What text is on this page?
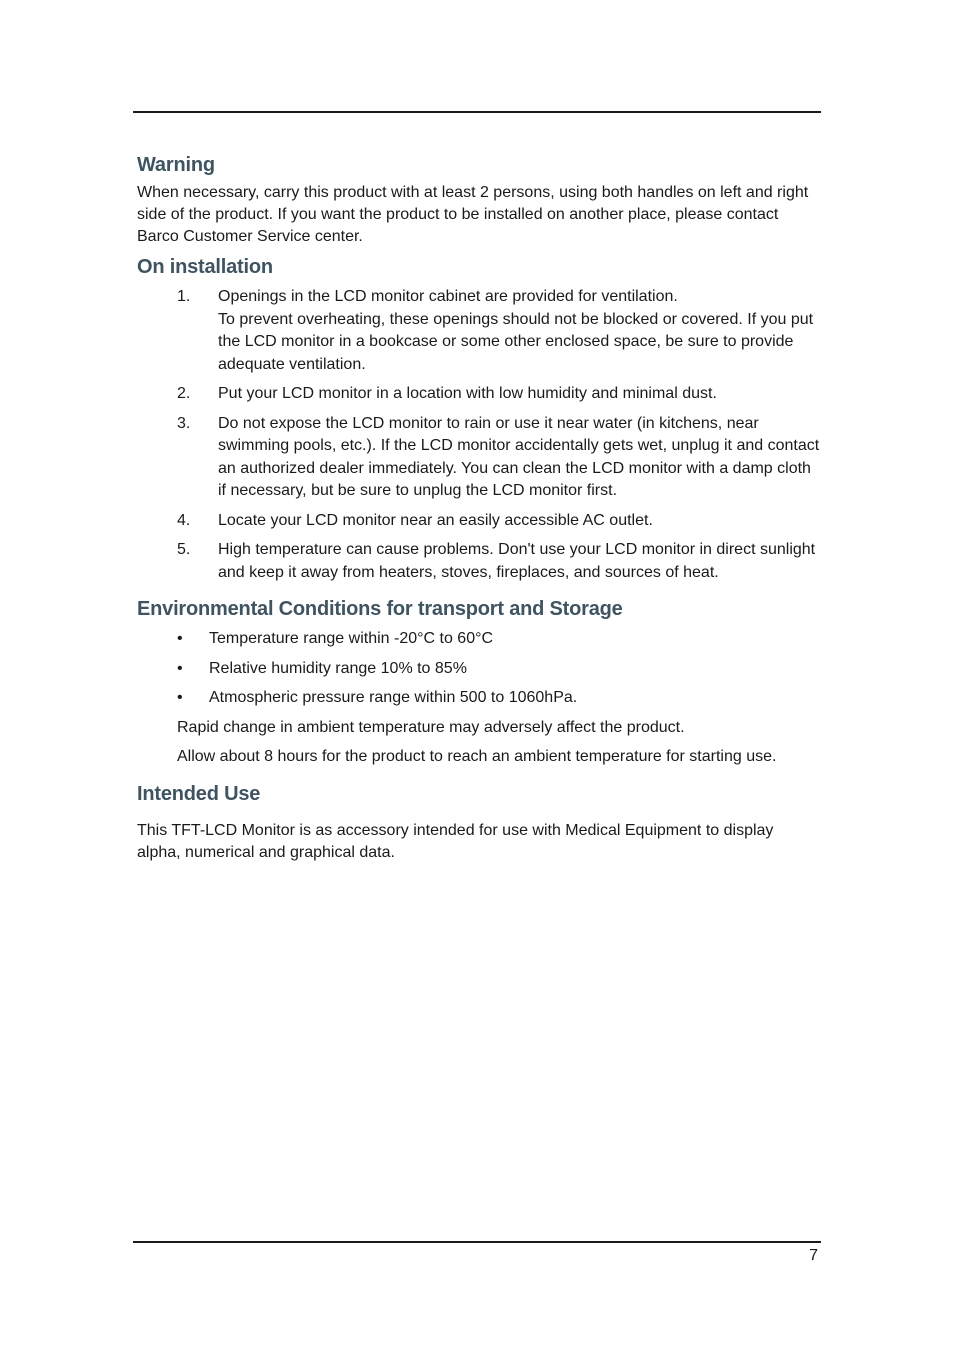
Warning

When necessary, carry this product with at least 2 persons, using both handles on left and right side of the product. If you want the product to be installed on another place, please contact Barco Customer Service center.

On installation
1. Openings in the LCD monitor cabinet are provided for ventilation.
To prevent overheating, these openings should not be blocked or covered. If you put the LCD monitor in a bookcase or some other enclosed space, be sure to provide adequate ventilation.
2. Put your LCD monitor in a location with low humidity and minimal dust.
3. Do not expose the LCD monitor to rain or use it near water (in kitchens, near swimming pools, etc.). If the LCD monitor accidentally gets wet, unplug it and contact an authorized dealer immediately. You can clean the LCD monitor with a damp cloth if necessary, but be sure to unplug the LCD monitor first.
4. Locate your LCD monitor near an easily accessible AC outlet.
5. High temperature can cause problems. Don't use your LCD monitor in direct sunlight and keep it away from heaters, stoves, fireplaces, and sources of heat.
Environmental Conditions for transport and Storage
• Temperature range within -20°C to 60°C
• Relative humidity range 10% to 85%
• Atmospheric pressure range within 500 to 1060hPa.

Rapid change in ambient temperature may adversely affect the product.

Allow about 8 hours for the product to reach an ambient temperature for starting use.

Intended Use

This TFT-LCD Monitor is as accessory intended for use with Medical Equipment to display alpha, numerical and graphical data.

7
